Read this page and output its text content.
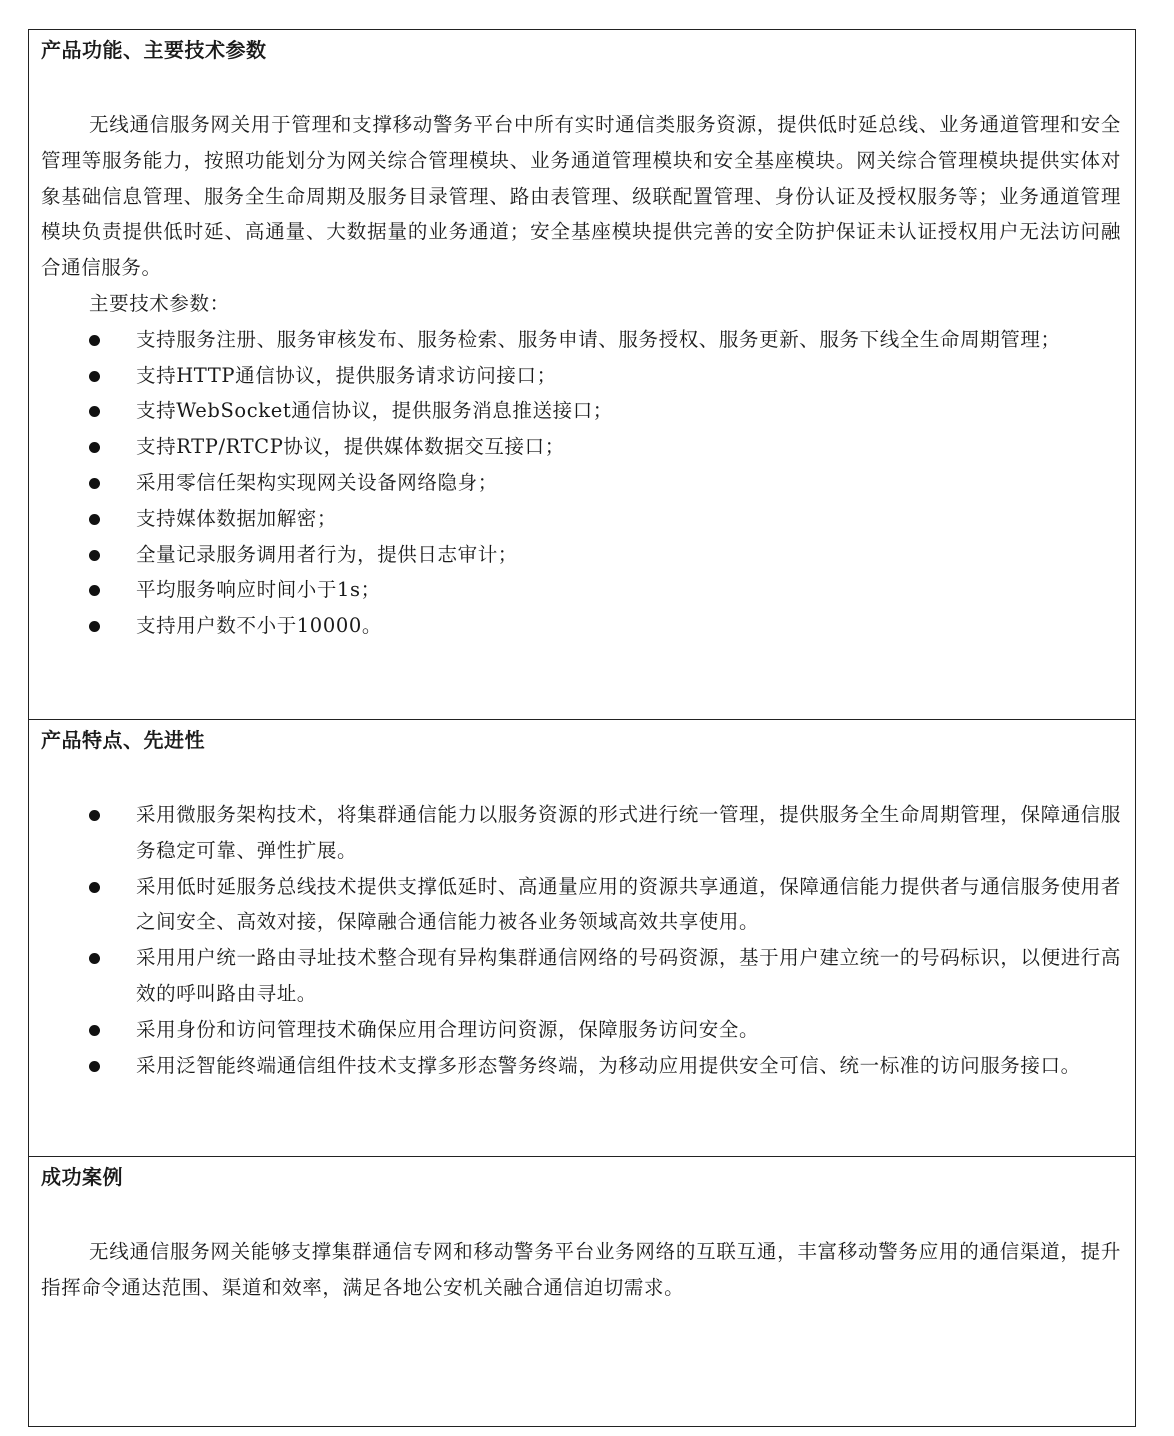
产品功能、主要技术参数

无线通信服务网关用于管理和支撑移动警务平台中所有实时通信类服务资源，提供低时延总线、业务通道管理和安全管理等服务能力，按照功能划分为网关综合管理模块、业务通道管理模块和安全基座模块。网关综合管理模块提供实体对象基础信息管理、服务全生命周期及服务目录管理、路由表管理、级联配置管理、身份认证及授权服务等；业务通道管理模块负责提供低时延、高通量、大数据量的业务通道；安全基座模块提供完善的安全防护保证未认证授权用户无法访问融合通信服务。

主要技术参数：

支持服务注册、服务审核发布、服务检索、服务申请、服务授权、服务更新、服务下线全生命周期管理；
支持HTTP通信协议，提供服务请求访问接口；
支持WebSocket通信协议，提供服务消息推送接口；
支持RTP/RTCP协议，提供媒体数据交互接口；
采用零信任架构实现网关设备网络隐身；
支持媒体数据加解密；
全量记录服务调用者行为，提供日志审计；
平均服务响应时间小于1s；
支持用户数不小于10000。
产品特点、先进性
采用微服务架构技术，将集群通信能力以服务资源的形式进行统一管理，提供服务全生命周期管理，保障通信服务稳定可靠、弹性扩展。
采用低时延服务总线技术提供支撑低延时、高通量应用的资源共享通道，保障通信能力提供者与通信服务使用者之间安全、高效对接，保障融合通信能力被各业务领域高效共享使用。
采用用户统一路由寻址技术整合现有异构集群通信网络的号码资源，基于用户建立统一的号码标识，以便进行高效的呼叫路由寻址。
采用身份和访问管理技术确保应用合理访问资源，保障服务访问安全。
采用泛智能终端通信组件技术支撑多形态警务终端，为移动应用提供安全可信、统一标准的访问服务接口。
成功案例

无线通信服务网关能够支撑集群通信专网和移动警务平台业务网络的互联互通，丰富移动警务应用的通信渠道，提升指挥命令通达范围、渠道和效率，满足各地公安机关融合通信迫切需求。
